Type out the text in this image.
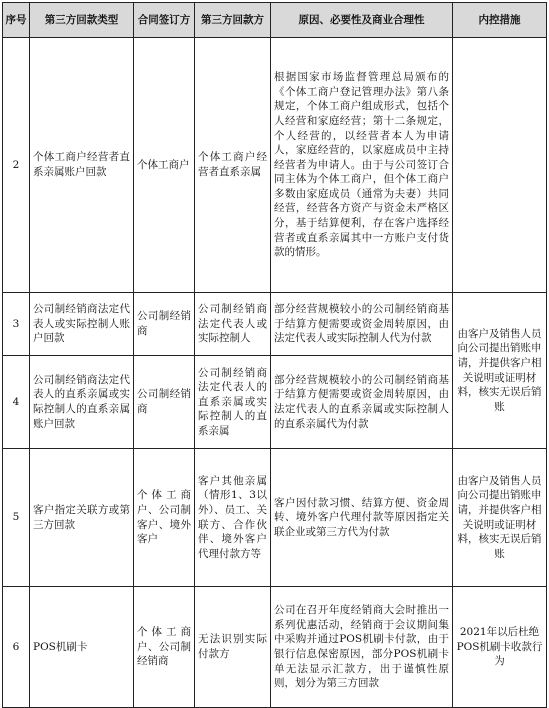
序号	第三方回款类型	合同签订方	第三方回款方	原因、必要性及商业合理性	内控措施
2	个体工商户经营者直系亲属账户回款	个体工商户	个体工商户经营者直系亲属	根据国家市场监督管理总局颁布的《个体工商户登记管理办法》第八条规定，个体工商户组成形式，包括个人经营和家庭经营；第十二条规定，个人经营的，以经营者本人为申请人，家庭经营的，以家庭成员中主持经营者为申请人。由于与公司签订合同主体为个体工商户，但个体工商户多数由家庭成员（通常为夫妻）共同经营，经营各方资产与资金未严格区分，基于结算便利，存在客户选择经营者或直系亲属其中一方账户支付货款的情形。	
3	公司制经销商法定代表人或实际控制人账户回款	公司制经销商	公司制经销商法定代表人或实际控制人	部分经营规模较小的公司制经销商基于结算方便需要或资金周转原因，由法定代表人或实际控制人代为付款	由客户及销售人员向公司提出销账申请，并提供客户相关说明或证明材料，核实无误后销账
4	公司制经销商法定代表人的直系亲属或实际控制人的直系亲属账户回款	公司制经销商	公司制经销商法定代表人的直系亲属或实际控制人的直系亲属	部分经营规模较小的公司制经销商基于结算方便需要或资金周转原因，由法定代表人的直系亲属或实际控制人的直系亲属代为付款	
5	客户指定关联方或第三方回款	个体工商户、公司制客户、境外客户	客户其他亲属（情形1、3以外）、员工、关联方、合作伙伴、境外客户代理付款方等	客户因付款习惯、结算方便、资金周转、境外客户代理付款等原因指定关联企业或第三方代为付款	由客户及销售人员向公司提出销账申请，并提供客户相关说明或证明材料，核实无误后销账
6	POS机刷卡	个体工商户、公司制经销商	无法识别实际付款方	公司在召开年度经销商大会时推出一系列优惠活动，经销商于会议期间集中采购并通过POS机刷卡付款，由于银行信息保密原因，部分POS机刷卡单无法显示汇款方，出于谨慎性原则，划分为第三方回款	2021年以后杜绝POS机刷卡收款行为
